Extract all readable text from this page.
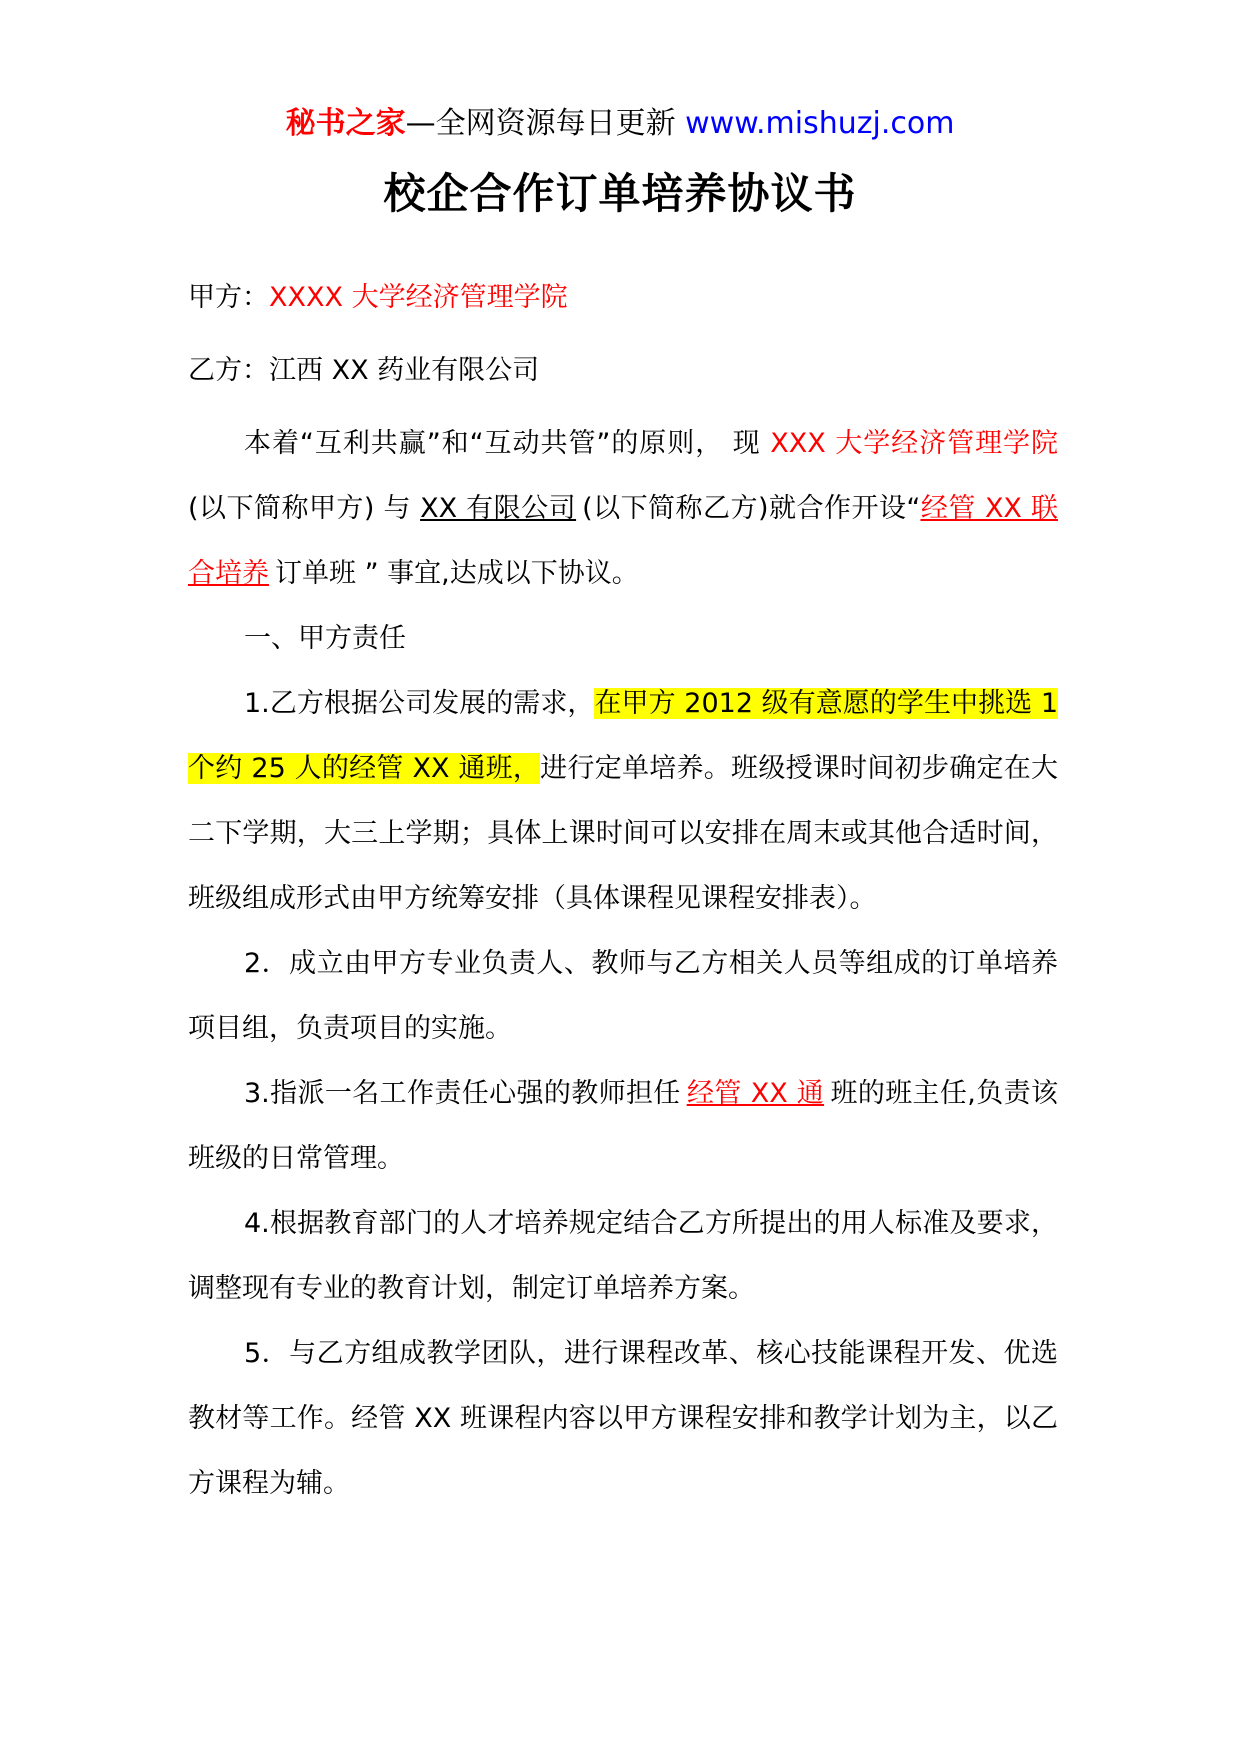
秘书之家—全网资源每日更新 www.mishuzj.com
校企合作订单培养协议书

甲方：XXXX 大学经济管理学院

乙方：江西 XX 药业有限公司

本着“互利共赢”和“互动共管”的原则， 现 XXX 大学经济管理学院(以下简称甲方) 与 XX 有限公司 (以下简称乙方)就合作开设“经管 XX 联合培养 订单班 ” 事宜,达成以下协议。

一、甲方责任

1.乙方根据公司发展的需求，在甲方 2012 级有意愿的学生中挑选 1 个约 25 人的经管 XX 通班，进行定单培养。班级授课时间初步确定在大二下学期，大三上学期；具体上课时间可以安排在周末或其他合适时间，班级组成形式由甲方统筹安排（具体课程见课程安排表）。

2．成立由甲方专业负责人、教师与乙方相关人员等组成的订单培养项目组，负责项目的实施。

3.指派一名工作责任心强的教师担任 经管 XX 通 班的班主任,负责该班级的日常管理。

4.根据教育部门的人才培养规定结合乙方所提出的用人标准及要求，调整现有专业的教育计划，制定订单培养方案。

5．与乙方组成教学团队，进行课程改革、核心技能课程开发、优选教材等工作。经管 XX 班课程内容以甲方课程安排和教学计划为主，以乙方课程为辅。
